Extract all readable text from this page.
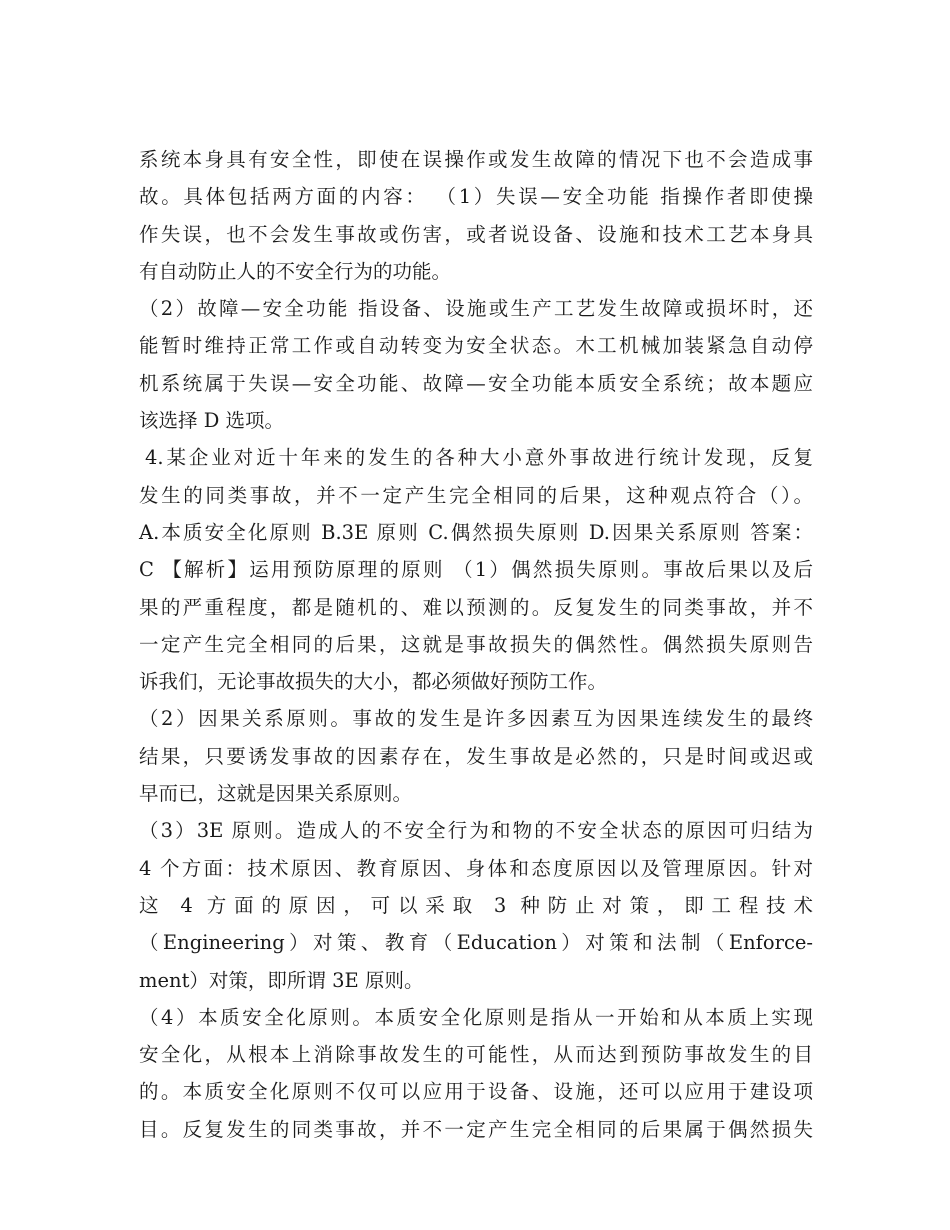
系统本身具有安全性，即使在误操作或发生故障的情况下也不会造成事
故。具体包括两方面的内容： （1）失误—安全功能 指操作者即使操
作失误，也不会发生事故或伤害，或者说设备、设施和技术工艺本身具
有自动防止人的不安全行为的功能。
（2）故障—安全功能 指设备、设施或生产工艺发生故障或损坏时，还
能暂时维持正常工作或自动转变为安全状态。木工机械加装紧急自动停
机系统属于失误—安全功能、故障—安全功能本质安全系统；故本题应
该选择 D 选项。
4.某企业对近十年来的发生的各种大小意外事故进行统计发现，反复
发生的同类事故，并不一定产生完全相同的后果，这种观点符合（）。
A.本质安全化原则 B.3E 原则 C.偶然损失原则 D.因果关系原则 答案：
C 【解析】运用预防原理的原则 （1）偶然损失原则。事故后果以及后
果的严重程度，都是随机的、难以预测的。反复发生的同类事故，并不
一定产生完全相同的后果，这就是事故损失的偶然性。偶然损失原则告
诉我们，无论事故损失的大小，都必须做好预防工作。
（2）因果关系原则。事故的发生是许多因素互为因果连续发生的最终
结果，只要诱发事故的因素存在，发生事故是必然的，只是时间或迟或
早而已，这就是因果关系原则。
（3）3E 原则。造成人的不安全行为和物的不安全状态的原因可归结为
4 个方面：技术原因、教育原因、身体和态度原因以及管理原因。针对
这 4 方面的原因，可以采取 3 种防止对策，即工程技术
（Engineering）对策、教育（Education）对策和法制（Enforce-
ment）对策，即所谓 3E 原则。
（4）本质安全化原则。本质安全化原则是指从一开始和从本质上实现
安全化，从根本上消除事故发生的可能性，从而达到预防事故发生的目
的。本质安全化原则不仅可以应用于设备、设施，还可以应用于建设项
目。反复发生的同类事故，并不一定产生完全相同的后果属于偶然损失
